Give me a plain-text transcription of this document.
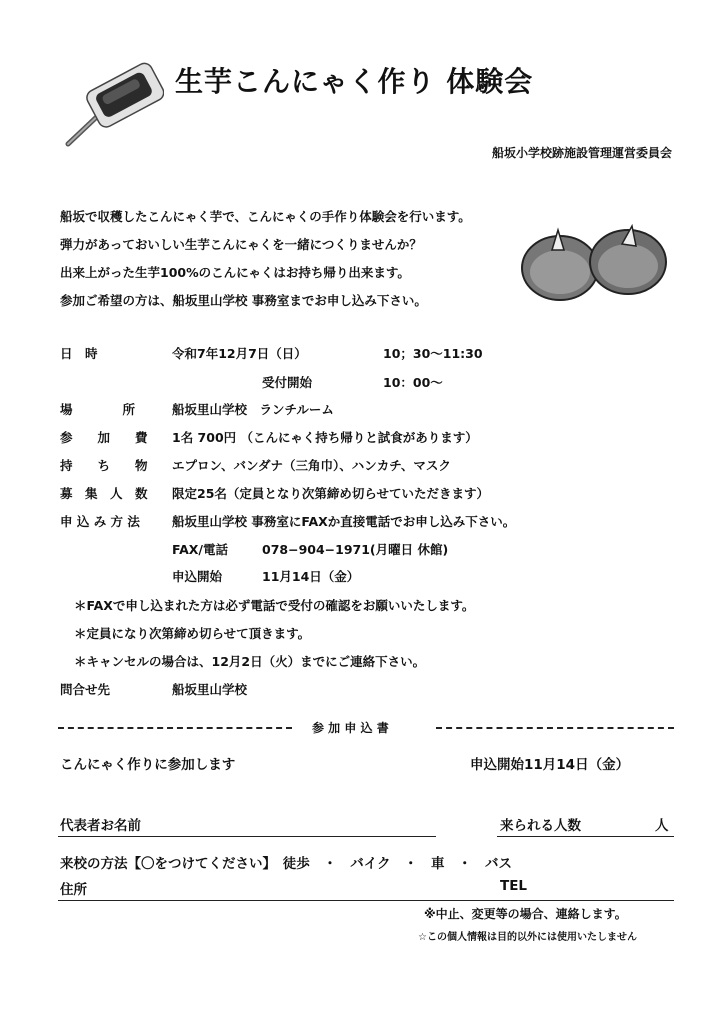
生芋こんにゃく作り 体験会
船坂小学校跡施設管理運営委員会
船坂で収穫したこんにゃく芋で、こんにゃくの手作り体験会を行います。
弾力があっておいしい生芋こんにゃくを一緒につくりませんか？
出来上がった生芋100%のこんにゃくはお持ち帰り出来ます。
参加ご希望の方は、船坂里山学校 事務室までお申し込み下さい。
日　時	令和7年12月7日（日）	10；30〜11:30
受付開始	10：00〜
場　　　　所	船坂里山学校　ランチルーム
参　　加　　費 1名 700円 （こんにゃく持ち帰りと試食があります）
持　　ち　　物 エプロン、バンダナ（三角巾）、ハンカチ、マスク
募　集　人　数 限定25名（定員となり次第締め切らせていただきます）
申 込 み 方 法	船坂里山学校 事務室にFAXか直接電話でお申し込み下さい。
FAX/電話	078−904−1971(月曜日 休館)
申込開始	11月14日（金）
＊FAXで申し込まれた方は必ず電話で受付の確認をお願いいたします。
＊定員になり次第締め切らせて頂きます。
＊キャンセルの場合は、12月2日（火）までにご連絡下さい。
問合せ先	船坂里山学校
参 加 申 込 書
こんにゃく作りに参加します	申込開始11月14日（金）
代表者お名前	来られる人数	人
来校の方法【〇をつけてください】　徒歩　・　バイク　・　車　・　バス
住所	TEL
※中止、変更等の場合、連絡します。
☆この個人情報は目的以外には使用いたしません
